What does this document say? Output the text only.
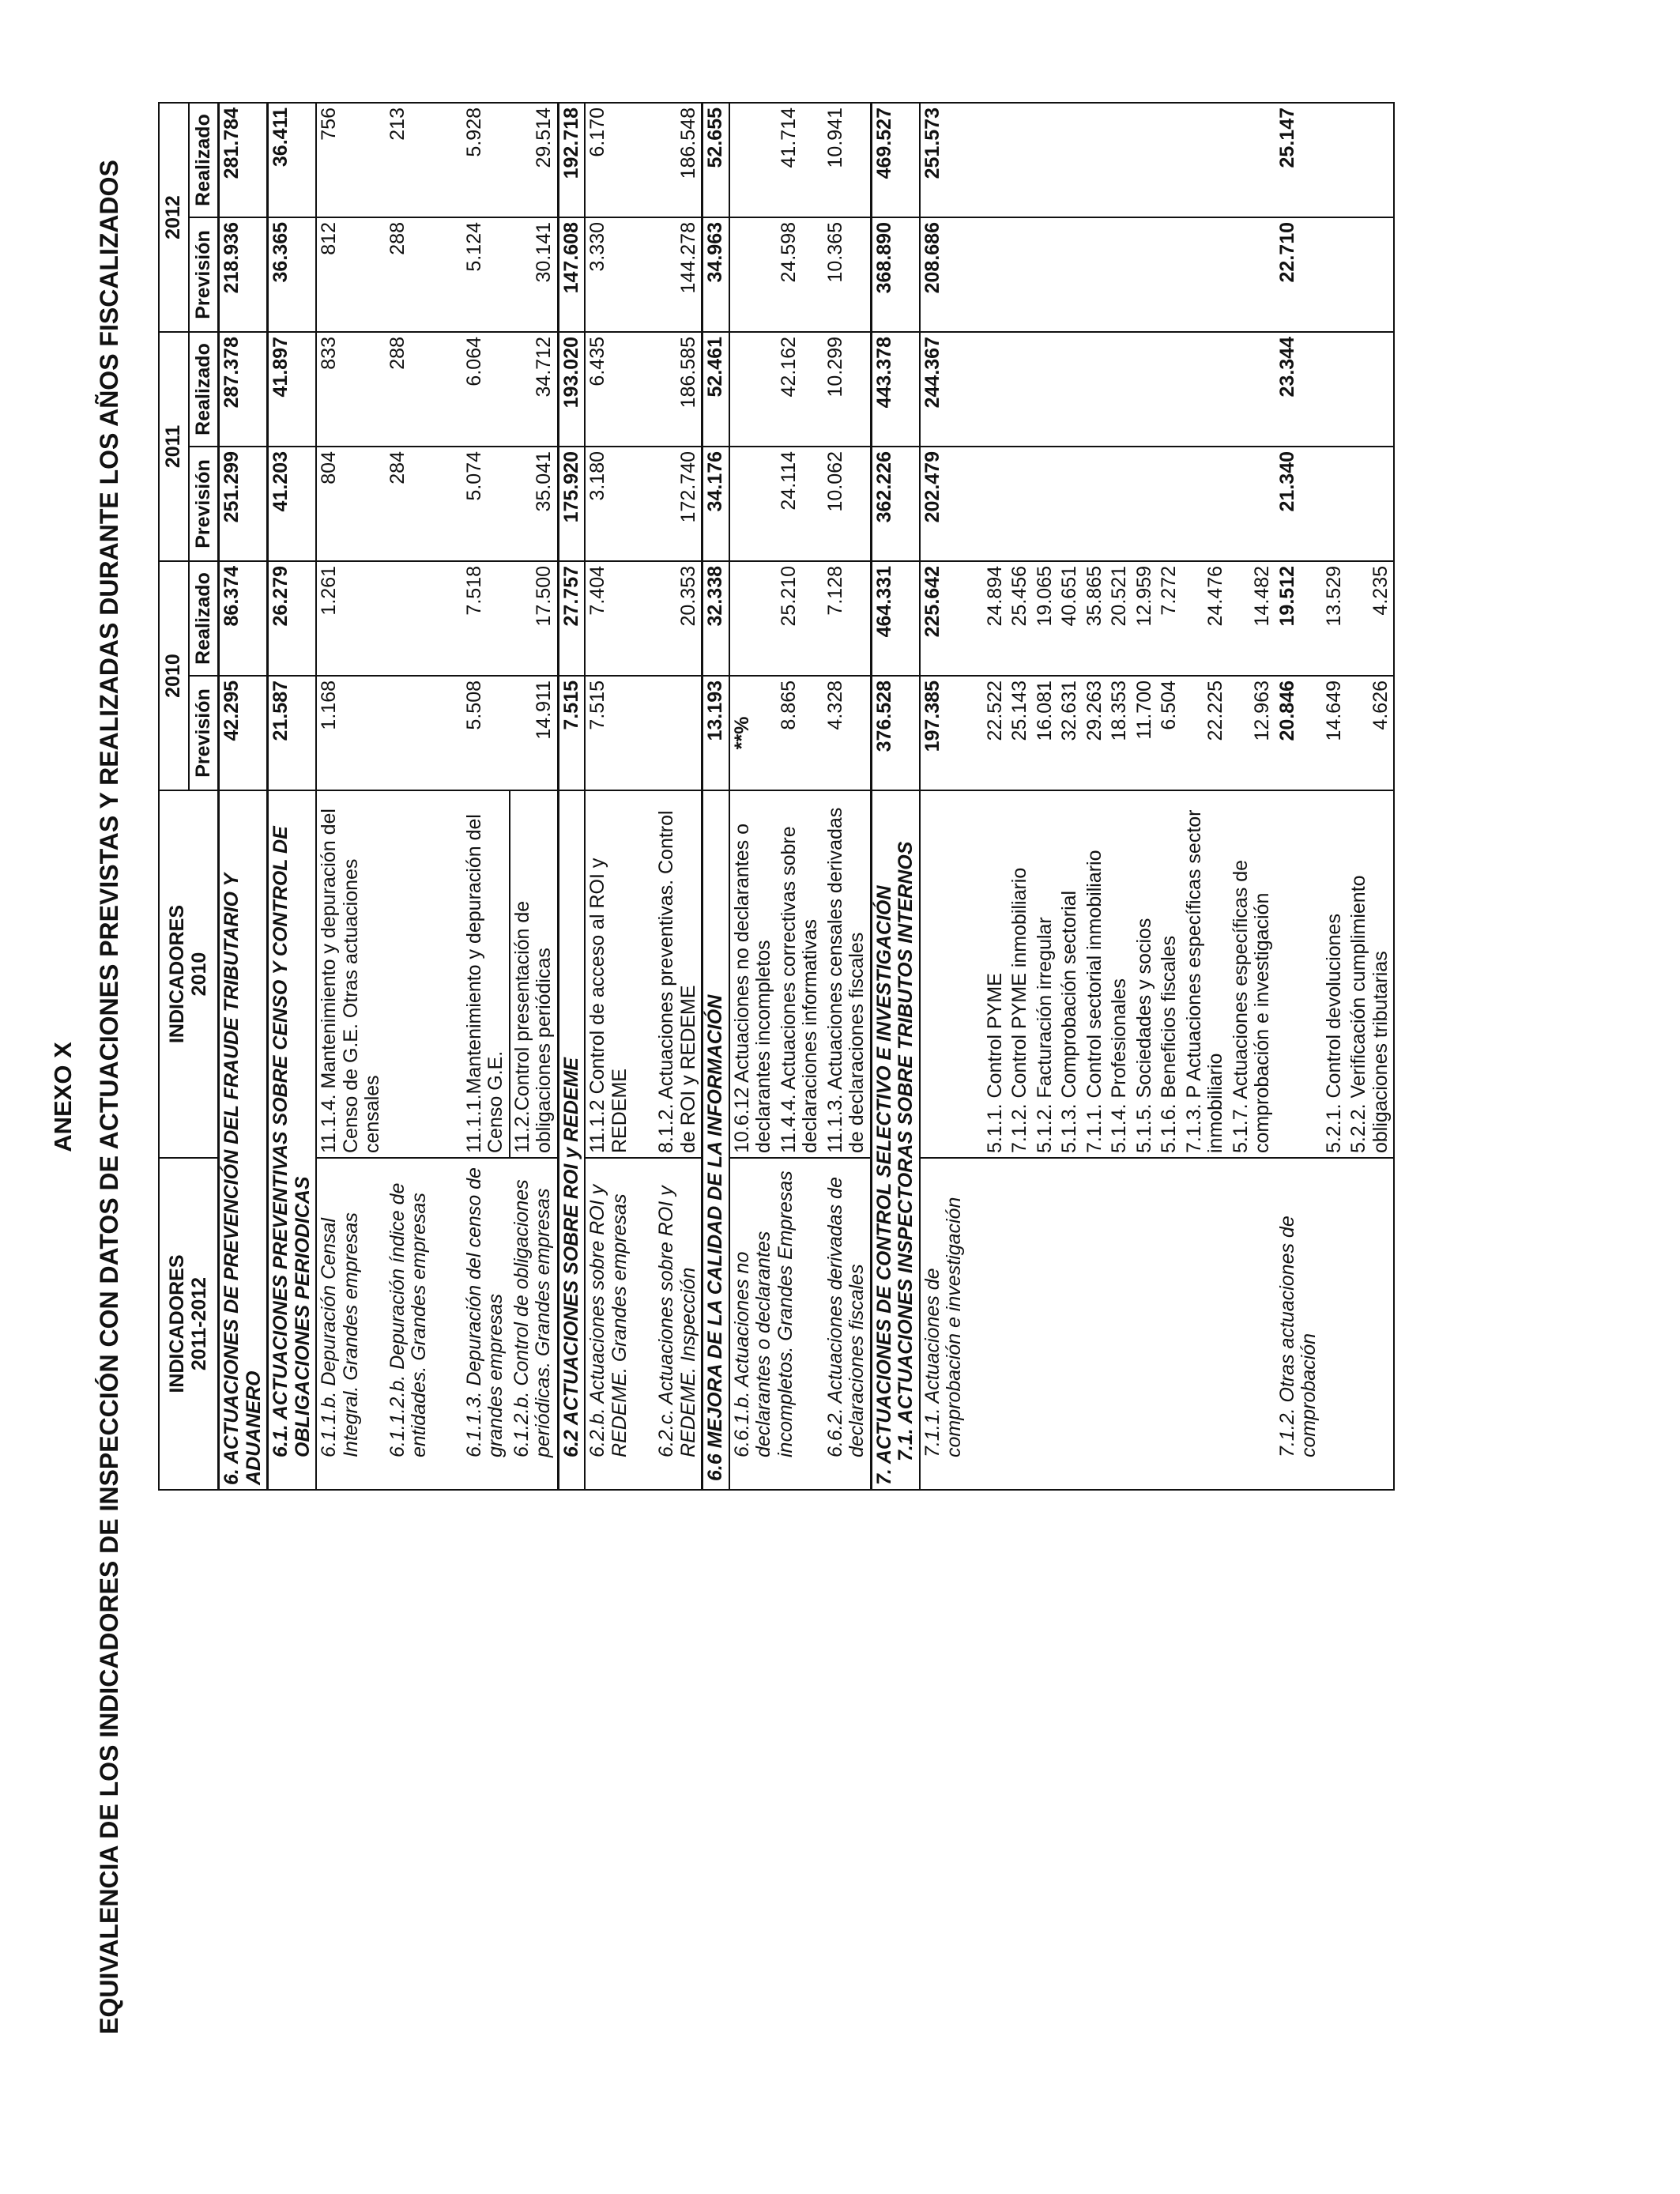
ANEXO X EQUIVALENCIA DE LOS INDICADORES DE INSPECCIÓN CON DATOS DE ACTUACIONES PREVISTAS Y REALIZADAS DURANTE LOS AÑOS FISCALIZADOS INDICADORES
2011-2012	INDICADORES
2010	2010		2011		2012	
		Previsión	Realizado	Previsión	Realizado	Previsión	Realizado
6. ACTUACIONES DE PREVENCIÓN DEL FRAUDE TRIBUTARIO Y ADUANERO		42.295	86.374	251.299	287.378	218.936	281.784
6.1. ACTUACIONES PREVENTIVAS SOBRE CENSO Y CONTROL DE OBLIGACIONES PERIODICAS		21.587	26.279	41.203	41.897	36.365	36.411
6.1.1.b. Depuración Censal Integral. Grandes empresas	11.1.4. Mantenimiento y depuración del Censo de G.E. Otras actuaciones censales	1.168	1.261	804	833	812	756
6.1.1.2.b. Depuración índice de entidades. Grandes empresas				284	288	288	213
6.1.1.3. Depuración del censo de grandes empresas	11.1.1.Mantenimiento y depuración del Censo G.E.	5.508	7.518	5.074	6.064	5.124	5.928
6.1.2.b. Control de obligaciones periódicas. Grandes empresas	11.2.Control presentación de obligaciones periódicas	14.911	17.500	35.041	34.712	30.141	29.514
6.2 ACTUACIONES SOBRE ROI y REDEME		7.515	27.757	175.920	193.020	147.608	192.718
6.2.b. Actuaciones sobre ROI y REDEME. Grandes empresas	11.1.2 Control de acceso al ROI y REDEME	7.515	7.404	3.180	6.435	3.330	6.170
6.2.c. Actuaciones sobre ROI y REDEME. Inspección	8.1.2. Actuaciones preventivas. Control de ROI y REDEME		20.353	172.740	186.585	144.278	186.548
6.6 MEJORA DE LA CALIDAD DE LA INFORMACIÓN		13.193	32.338	34.176	52.461	34.963	52.655
6.6.1.b. Actuaciones no declarantes o declarantes incompletos. Grandes Empresas	10.6.12 Actuaciones no declarantes o declarantes incompletos	**%					
	11.4.4. Actuaciones correctivas sobre declaraciones informativas	8.865	25.210	24.114	42.162	24.598	41.714
6.6.2. Actuaciones derivadas de declaraciones fiscales	11.1.3. Actuaciones censales derivadas de declaraciones fiscales	4.328	7.128	10.062	10.299	10.365	10.941

7. ACTUACIONES DE CONTROL SELECTIVO E INVESTIGACIÓN 7.1. ACTUACIONES INSPECTORAS SOBRE TRIBUTOS INTERNOS		376.528	464.331	362.226	443.378	368.890	469.527
7.1.1. Actuaciones de comprobación e investigación		197.385	225.642	202.479	244.367	208.686	251.573
	5.1.1. Control PYME	22.522	24.894				
	7.1.2. Control PYME inmobiliario	25.143	25.456				
	5.1.2. Facturación irregular	16.081	19.065				
	5.1.3. Comprobación sectorial	32.631	40.651				
	7.1.1. Control sectorial inmobiliario	29.263	35.865				
	5.1.4. Profesionales	18.353	20.521				
	5.1.5. Sociedades y socios	11.700	12.959				
	5.1.6. Beneficios fiscales	6.504	7.272				
	7.1.3. P Actuaciones específicas sector inmobiliario	22.225	24.476				
	5.1.7. Actuaciones específicas de comprobación e investigación	12.963	14.482				
7.1.2. Otras actuaciones de comprobación		20.846	19.512	21.340	23.344	22.710	25.147
	5.2.1. Control devoluciones	14.649	13.529				
	5.2.2. Verificación cumplimiento obligaciones tributarias	4.626	4.235				
